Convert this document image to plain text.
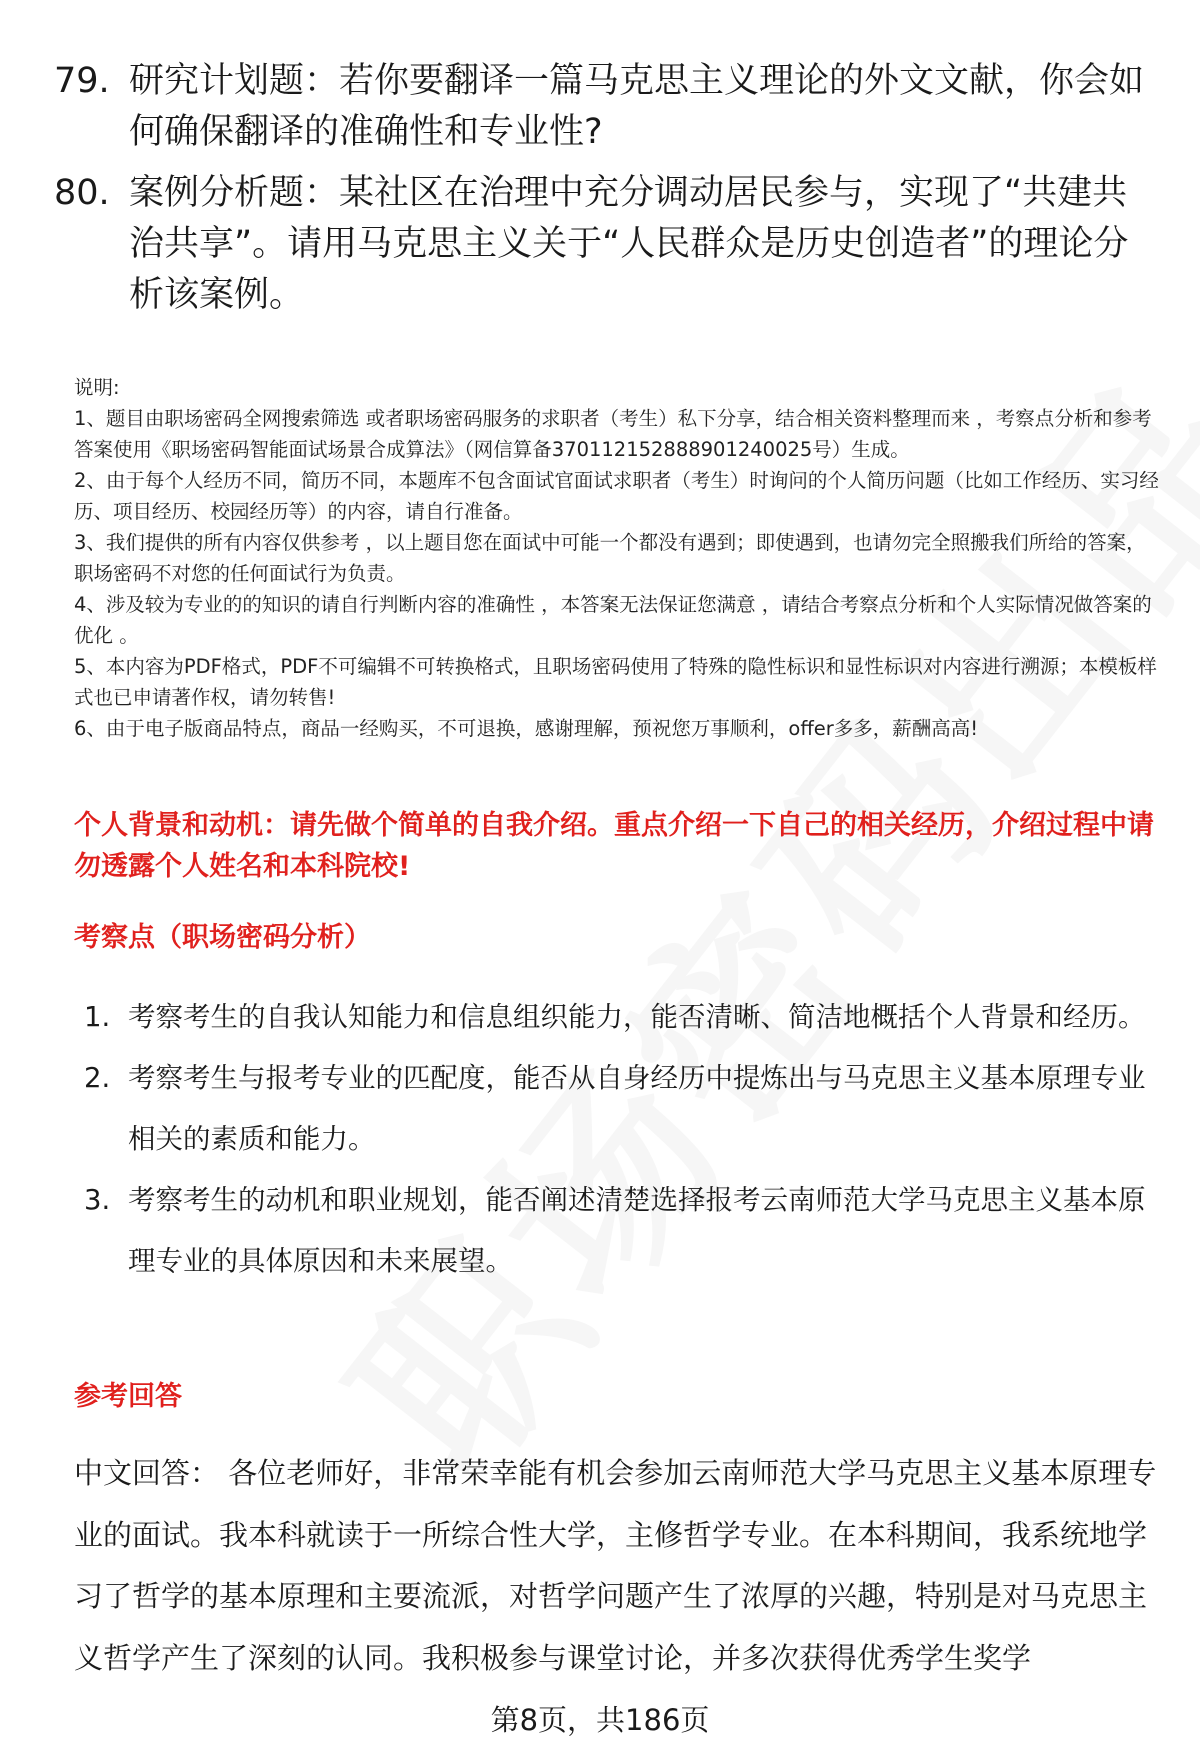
79. 研究计划题：若你要翻译一篇马克思主义理论的外文文献，你会如何确保翻译的准确性和专业性?
80. 案例分析题：某社区在治理中充分调动居民参与，实现了“共建共治共享”。请用马克思主义关于“人民群众是历史创造者”的理论分析该案例。

说明:

1、题目由职场密码全网搜索筛选 或者职场密码服务的求职者（考生）私下分享，结合相关资料整理而来 ，考察点分析和参考答案使用《职场密码智能面试场景合成算法》（网信算备370112152888901240025号）生成。

2、由于每个人经历不同，简历不同，本题库不包含面试官面试求职者（考生）时询问的个人简历问题（比如工作经历、实习经历、项目经历、校园经历等）的内容，请自行准备。

3、我们提供的所有内容仅供参考 ，以上题目您在面试中可能一个都没有遇到；即使遇到，也请勿完全照搬我们所给的答案，职场密码不对您的任何面试行为负责。

4、涉及较为专业的的知识的请自行判断内容的准确性 ，本答案无法保证您满意 ，请结合考察点分析和个人实际情况做答案的优化 。

5、本内容为PDF格式，PDF不可编辑不可转换格式，且职场密码使用了特殊的隐性标识和显性标识对内容进行溯源；本模板样式也已申请著作权，请勿转售!

6、由于电子版商品特点，商品一经购买，不可退换，感谢理解，预祝您万事顺利，offer多多，薪酬高高!

个人背景和动机：请先做个简单的自我介绍。重点介绍一下自己的相关经历，介绍过程中请勿透露个人姓名和本科院校!
考察点（职场密码分析）
1. 考察考生的自我认知能力和信息组织能力，能否清晰、简洁地概括个人背景和经历。
2. 考察考生与报考专业的匹配度，能否从自身经历中提炼出与马克思主义基本原理专业相关的素质和能力。
3. 考察考生的动机和职业规划，能否阐述清楚选择报考云南师范大学马克思主义基本原理专业的具体原因和未来展望。
参考回答
中文回答： 各位老师好，非常荣幸能有机会参加云南师范大学马克思主义基本原理专业的面试。我本科就读于一所综合性大学，主修哲学专业。在本科期间，我系统地学习了哲学的基本原理和主要流派，对哲学问题产生了浓厚的兴趣，特别是对马克思主义哲学产生了深刻的认同。我积极参与课堂讨论，并多次获得优秀学生奖学
第8页，共186页
